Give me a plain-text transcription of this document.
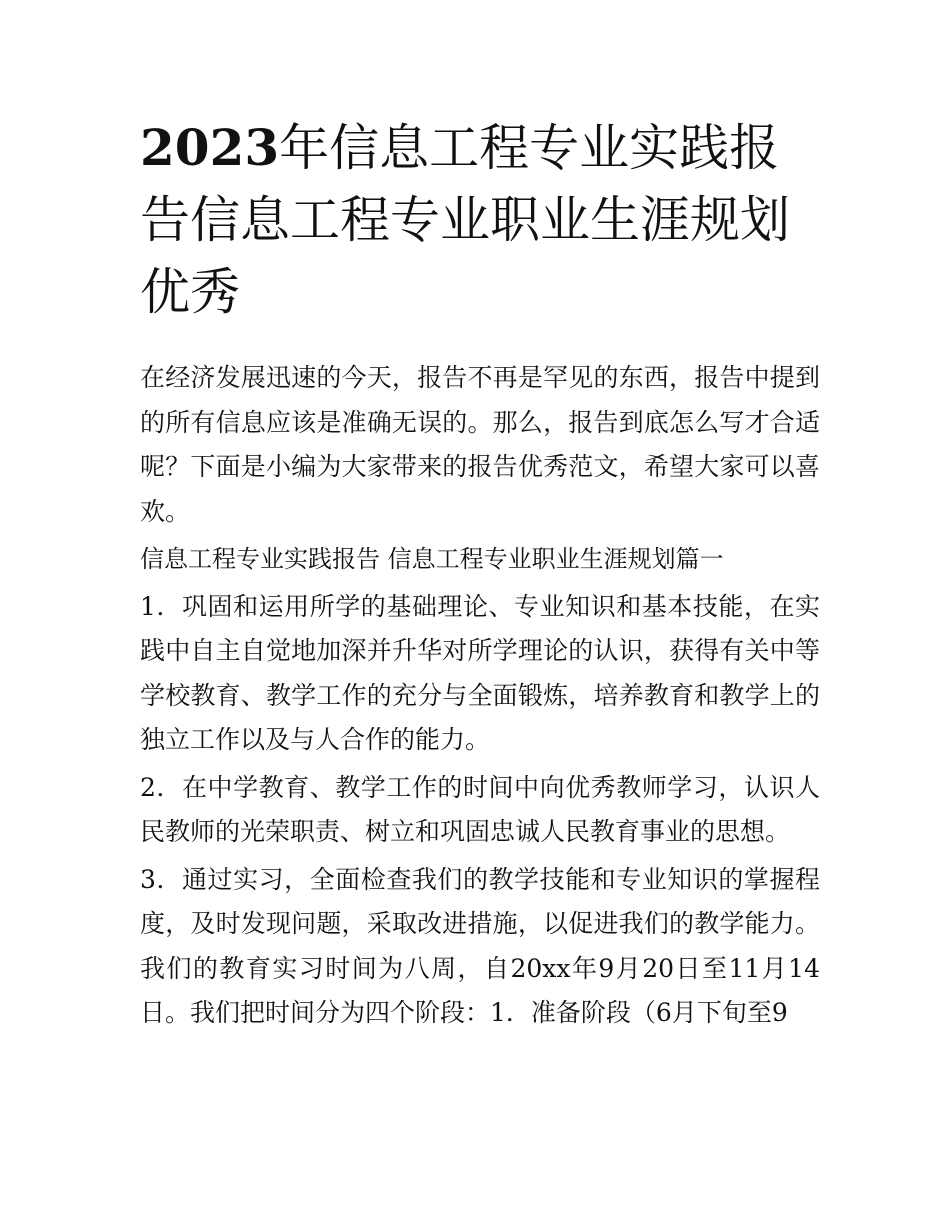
2023年信息工程专业实践报告信息工程专业职业生涯规划优秀

在经济发展迅速的今天，报告不再是罕见的东西，报告中提到的所有信息应该是准确无误的。那么，报告到底怎么写才合适呢？下面是小编为大家带来的报告优秀范文，希望大家可以喜欢。

信息工程专业实践报告 信息工程专业职业生涯规划篇一

1．巩固和运用所学的基础理论、专业知识和基本技能，在实践中自主自觉地加深并升华对所学理论的认识，获得有关中等学校教育、教学工作的充分与全面锻炼，培养教育和教学上的独立工作以及与人合作的能力。

2．在中学教育、教学工作的时间中向优秀教师学习，认识人民教师的光荣职责、树立和巩固忠诚人民教育事业的思想。

3．通过实习，全面检查我们的教学技能和专业知识的掌握程度，及时发现问题，采取改进措施，以促进我们的教学能力。我们的教育实习时间为八周，自20xx年9月20日至11月14日。我们把时间分为四个阶段：1．准备阶段（6月下旬至9
